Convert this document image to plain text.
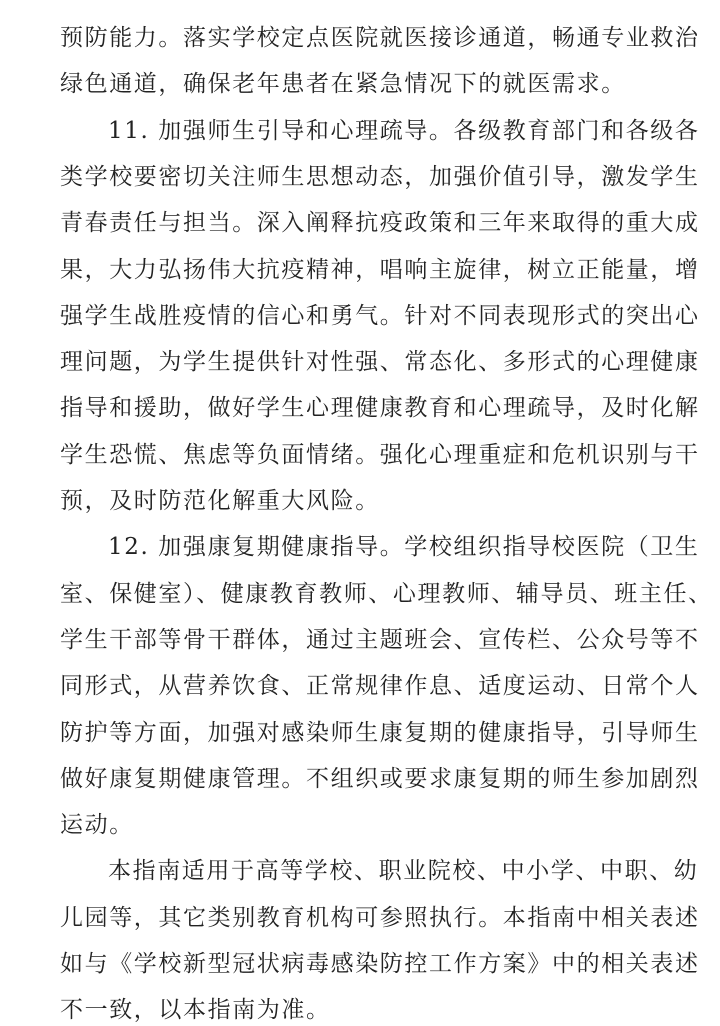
预防能力。落实学校定点医院就医接诊通道，畅通专业救治
绿色通道，确保老年患者在紧急情况下的就医需求。
11. 加强师生引导和心理疏导。各级教育部门和各级各
类学校要密切关注师生思想动态，加强价值引导，激发学生
青春责任与担当。深入阐释抗疫政策和三年来取得的重大成
果，大力弘扬伟大抗疫精神，唱响主旋律，树立正能量，增
强学生战胜疫情的信心和勇气。针对不同表现形式的突出心
理问题，为学生提供针对性强、常态化、多形式的心理健康
指导和援助，做好学生心理健康教育和心理疏导，及时化解
学生恐慌、焦虑等负面情绪。强化心理重症和危机识别与干
预，及时防范化解重大风险。
12. 加强康复期健康指导。学校组织指导校医院（卫生
室、保健室）、健康教育教师、心理教师、辅导员、班主任、
学生干部等骨干群体，通过主题班会、宣传栏、公众号等不
同形式，从营养饮食、正常规律作息、适度运动、日常个人
防护等方面，加强对感染师生康复期的健康指导，引导师生
做好康复期健康管理。不组织或要求康复期的师生参加剧烈
运动。
本指南适用于高等学校、职业院校、中小学、中职、幼
儿园等，其它类别教育机构可参照执行。本指南中相关表述
如与《学校新型冠状病毒感染防控工作方案》中的相关表述
不一致，以本指南为准。
